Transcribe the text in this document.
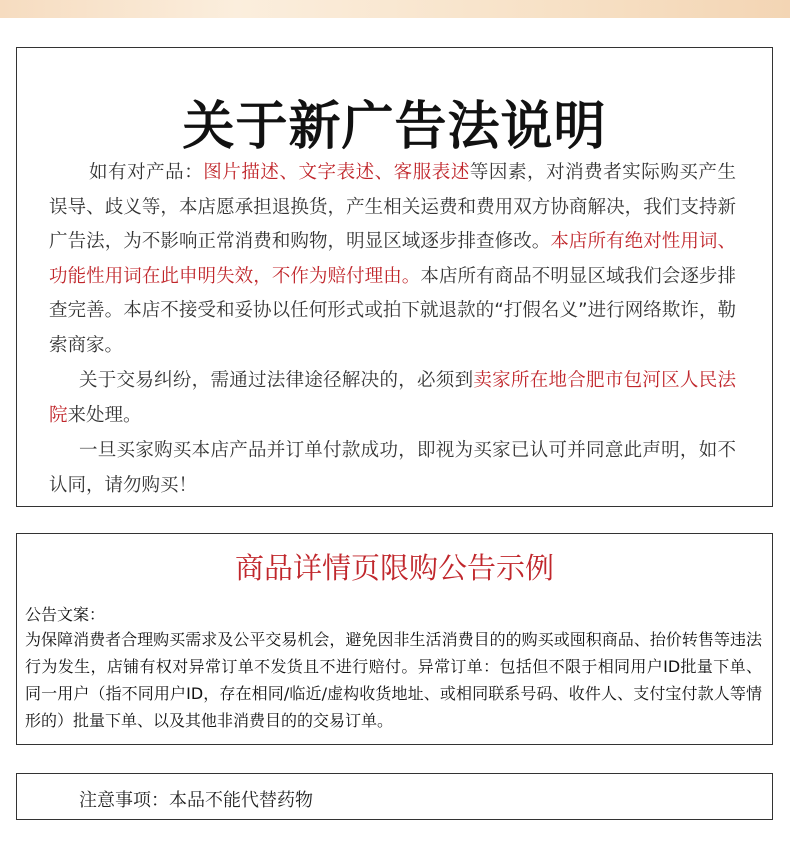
关于新广告法说明
如有对产品：图片描述、文字表述、客服表述等因素，对消费者实际购买产生误导、歧义等，本店愿承担退换货，产生相关运费和费用双方协商解决，我们支持新广告法，为不影响正常消费和购物，明显区域逐步排查修改。本店所有绝对性用词、功能性用词在此申明失效，不作为赔付理由。本店所有商品不明显区域我们会逐步排查完善。本店不接受和妥协以任何形式或拍下就退款的“打假名义”进行网络欺诈，勒索商家。
关于交易纠纷，需通过法律途径解决的，必须到卖家所在地合肥市包河区人民法院来处理。
一旦买家购买本店产品并订单付款成功，即视为买家已认可并同意此声明，如不认同，请勿购买！
商品详情页限购公告示例
公告文案：
为保障消费者合理购买需求及公平交易机会，避免因非生活消费目的的购买或囤积商品、抬价转售等违法行为发生，店铺有权对异常订单不发货且不进行赔付。异常订单：包括但不限于相同用户ID批量下单、同一用户（指不同用户ID，存在相同/临近/虚构收货地址、或相同联系号码、收件人、支付宝付款人等情形的）批量下单、以及其他非消费目的的交易订单。
注意事项：本品不能代替药物
